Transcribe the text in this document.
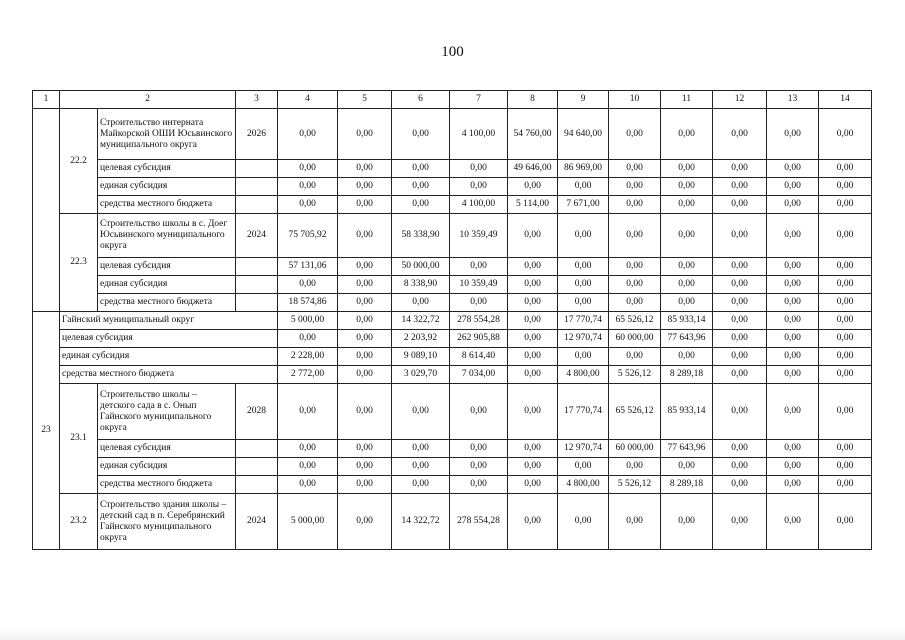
100
1	2		3	4	5	6	7	8	9	10	11	12	13	14
	22.2	Строительство интерната Майкорской ОШИ Юсьвинского муниципального округа	2026	0,00	0,00	0,00	4 100,00	54 760,00	94 640,00	0,00	0,00	0,00	0,00	0,00
		целевая субсидия		0,00	0,00	0,00	0,00	49 646,00	86 969,00	0,00	0,00	0,00	0,00	0,00
		единая субсидия		0,00	0,00	0,00	0,00	0,00	0,00	0,00	0,00	0,00	0,00	0,00
		средства местного бюджета		0,00	0,00	0,00	4 100,00	5 114,00	7 671,00	0,00	0,00	0,00	0,00	0,00
	22.3	Строительство школы в с. Доег Юсьвинского муниципального округа	2024	75 705,92	0,00	58 338,90	10 359,49	0,00	0,00	0,00	0,00	0,00	0,00	0,00
		целевая субсидия		57 131,06	0,00	50 000,00	0,00	0,00	0,00	0,00	0,00	0,00	0,00	0,00
		единая субсидия		0,00	0,00	8 338,90	10 359,49	0,00	0,00	0,00	0,00	0,00	0,00	0,00
		средства местного бюджета		18 574,86	0,00	0,00	0,00	0,00	0,00	0,00	0,00	0,00	0,00	0,00
23	Гайнский муниципальный округ			5 000,00	0,00	14 322,72	278 554,28	0,00	17 770,74	65 526,12	85 933,14	0,00	0,00	0,00
	целевая субсидия			0,00	0,00	2 203,92	262 905,88	0,00	12 970,74	60 000,00	77 643,96	0,00	0,00	0,00
	единая субсидия			2 228,00	0,00	9 089,10	8 614,40	0,00	0,00	0,00	0,00	0,00	0,00	0,00
	средства местного бюджета			2 772,00	0,00	3 029,70	7 034,00	0,00	4 800,00	5 526,12	8 289,18	0,00	0,00	0,00
	23.1	Строительство школы – детского сада в с. Онып Гайнского муниципального округа	2028	0,00	0,00	0,00	0,00	0,00	17 770,74	65 526,12	85 933,14	0,00	0,00	0,00
		целевая субсидия		0,00	0,00	0,00	0,00	0,00	12 970,74	60 000,00	77 643,96	0,00	0,00	0,00
		единая субсидия		0,00	0,00	0,00	0,00	0,00	0,00	0,00	0,00	0,00	0,00	0,00
		средства местного бюджета		0,00	0,00	0,00	0,00	0,00	4 800,00	5 526,12	8 289,18	0,00	0,00	0,00
	23.2	Строительство здания школы – детский сад в п. Серебрянский Гайнского муниципального округа	2024	5 000,00	0,00	14 322,72	278 554,28	0,00	0,00	0,00	0,00	0,00	0,00	0,00
